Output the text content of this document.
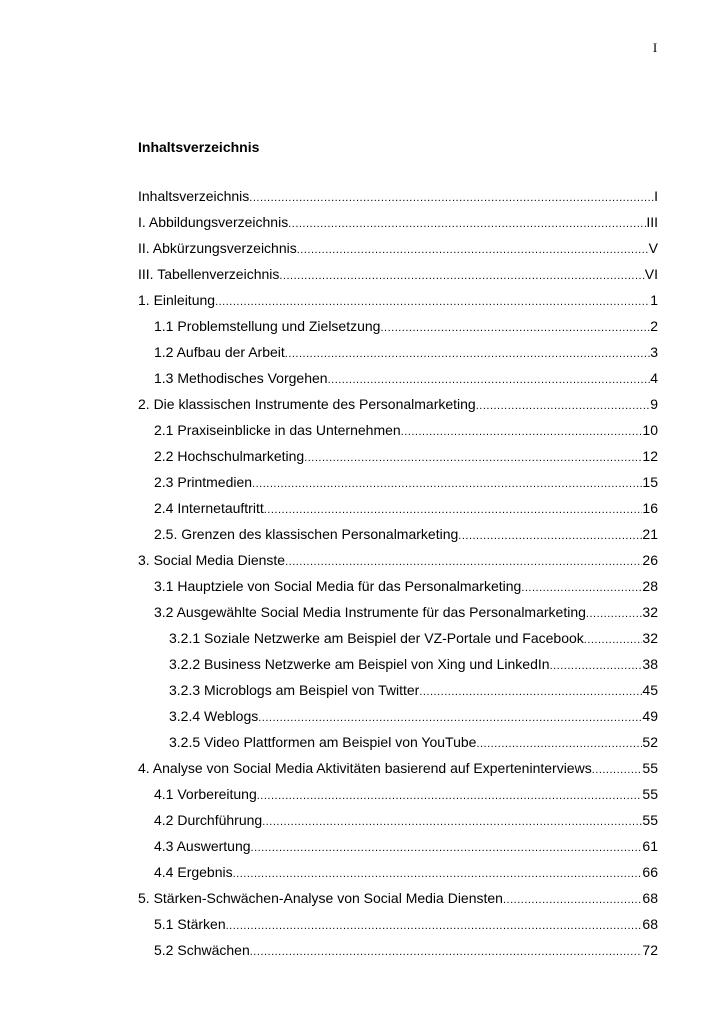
I
Inhaltsverzeichnis
Inhaltsverzeichnis .....	I
I. Abbildungsverzeichnis .....	III
II. Abkürzungsverzeichnis .....	V
III. Tabellenverzeichnis .....	VI
1. Einleitung .....	1
1.1 Problemstellung und Zielsetzung .....	2
1.2 Aufbau der Arbeit .....	3
1.3 Methodisches Vorgehen .....	4
2. Die klassischen Instrumente des Personalmarketing .....	9
2.1 Praxiseinblicke in das Unternehmen .....	10
2.2 Hochschulmarketing .....	12
2.3 Printmedien .....	15
2.4 Internetauftritt .....	16
2.5. Grenzen des klassischen Personalmarketing .....	21
3. Social Media Dienste .....	26
3.1 Hauptziele von Social Media für das Personalmarketing .....	28
3.2 Ausgewählte Social Media Instrumente für das Personalmarketing .....	32
3.2.1 Soziale Netzwerke am Beispiel der VZ-Portale und Facebook .....	32
3.2.2 Business Netzwerke am Beispiel von Xing und LinkedIn .....	38
3.2.3 Microblogs am Beispiel von Twitter .....	45
3.2.4 Weblogs .....	49
3.2.5 Video Plattformen am Beispiel von YouTube .....	52
4. Analyse von Social Media Aktivitäten basierend auf Experteninterviews .....	55
4.1 Vorbereitung .....	55
4.2 Durchführung .....	55
4.3 Auswertung .....	61
4.4 Ergebnis .....	66
5. Stärken-Schwächen-Analyse von Social Media Diensten .....	68
5.1 Stärken .....	68
5.2 Schwächen .....	72
